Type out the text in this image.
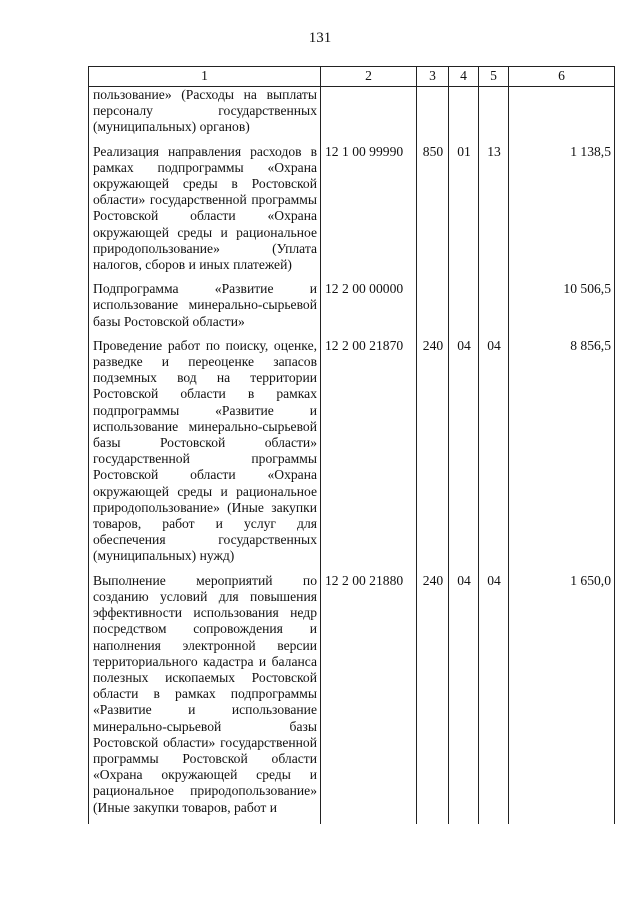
131
1	2	3	4	5	6
пользование» (Расходы на выплаты персоналу государственных (муниципальных) органов)					
Реализация направления расходов в рамках подпрограммы «Охрана окружающей среды в Ростовской области» государственной программы Ростовской области «Охрана окружающей среды и рациональное природопользование» (Уплата налогов, сборов и иных платежей)	12 1 00 99990	850	01	13	1 138,5
Подпрограмма «Развитие и использование минерально-сырьевой базы Ростовской области»	12 2 00 00000				10 506,5
Проведение работ по поиску, оценке, разведке и переоценке запасов подземных вод на территории Ростовской области в рамках подпрограммы «Развитие и использование минерально-сырьевой базы Ростовской области» государственной программы Ростовской области «Охрана окружающей среды и рациональное природопользование» (Иные закупки товаров, работ и услуг для обеспечения государственных (муниципальных) нужд)	12 2 00 21870	240	04	04	8 856,5
Выполнение мероприятий по созданию условий для повышения эффективности использования недр посредством сопровождения и наполнения электронной версии территориального кадастра и баланса полезных ископаемых Ростовской области в рамках подпрограммы «Развитие и использование минерально-сырьевой базы Ростовской области» государственной программы Ростовской области «Охрана окружающей среды и рациональное природопользование» (Иные закупки товаров, работ и	12 2 00 21880	240	04	04	1 650,0
